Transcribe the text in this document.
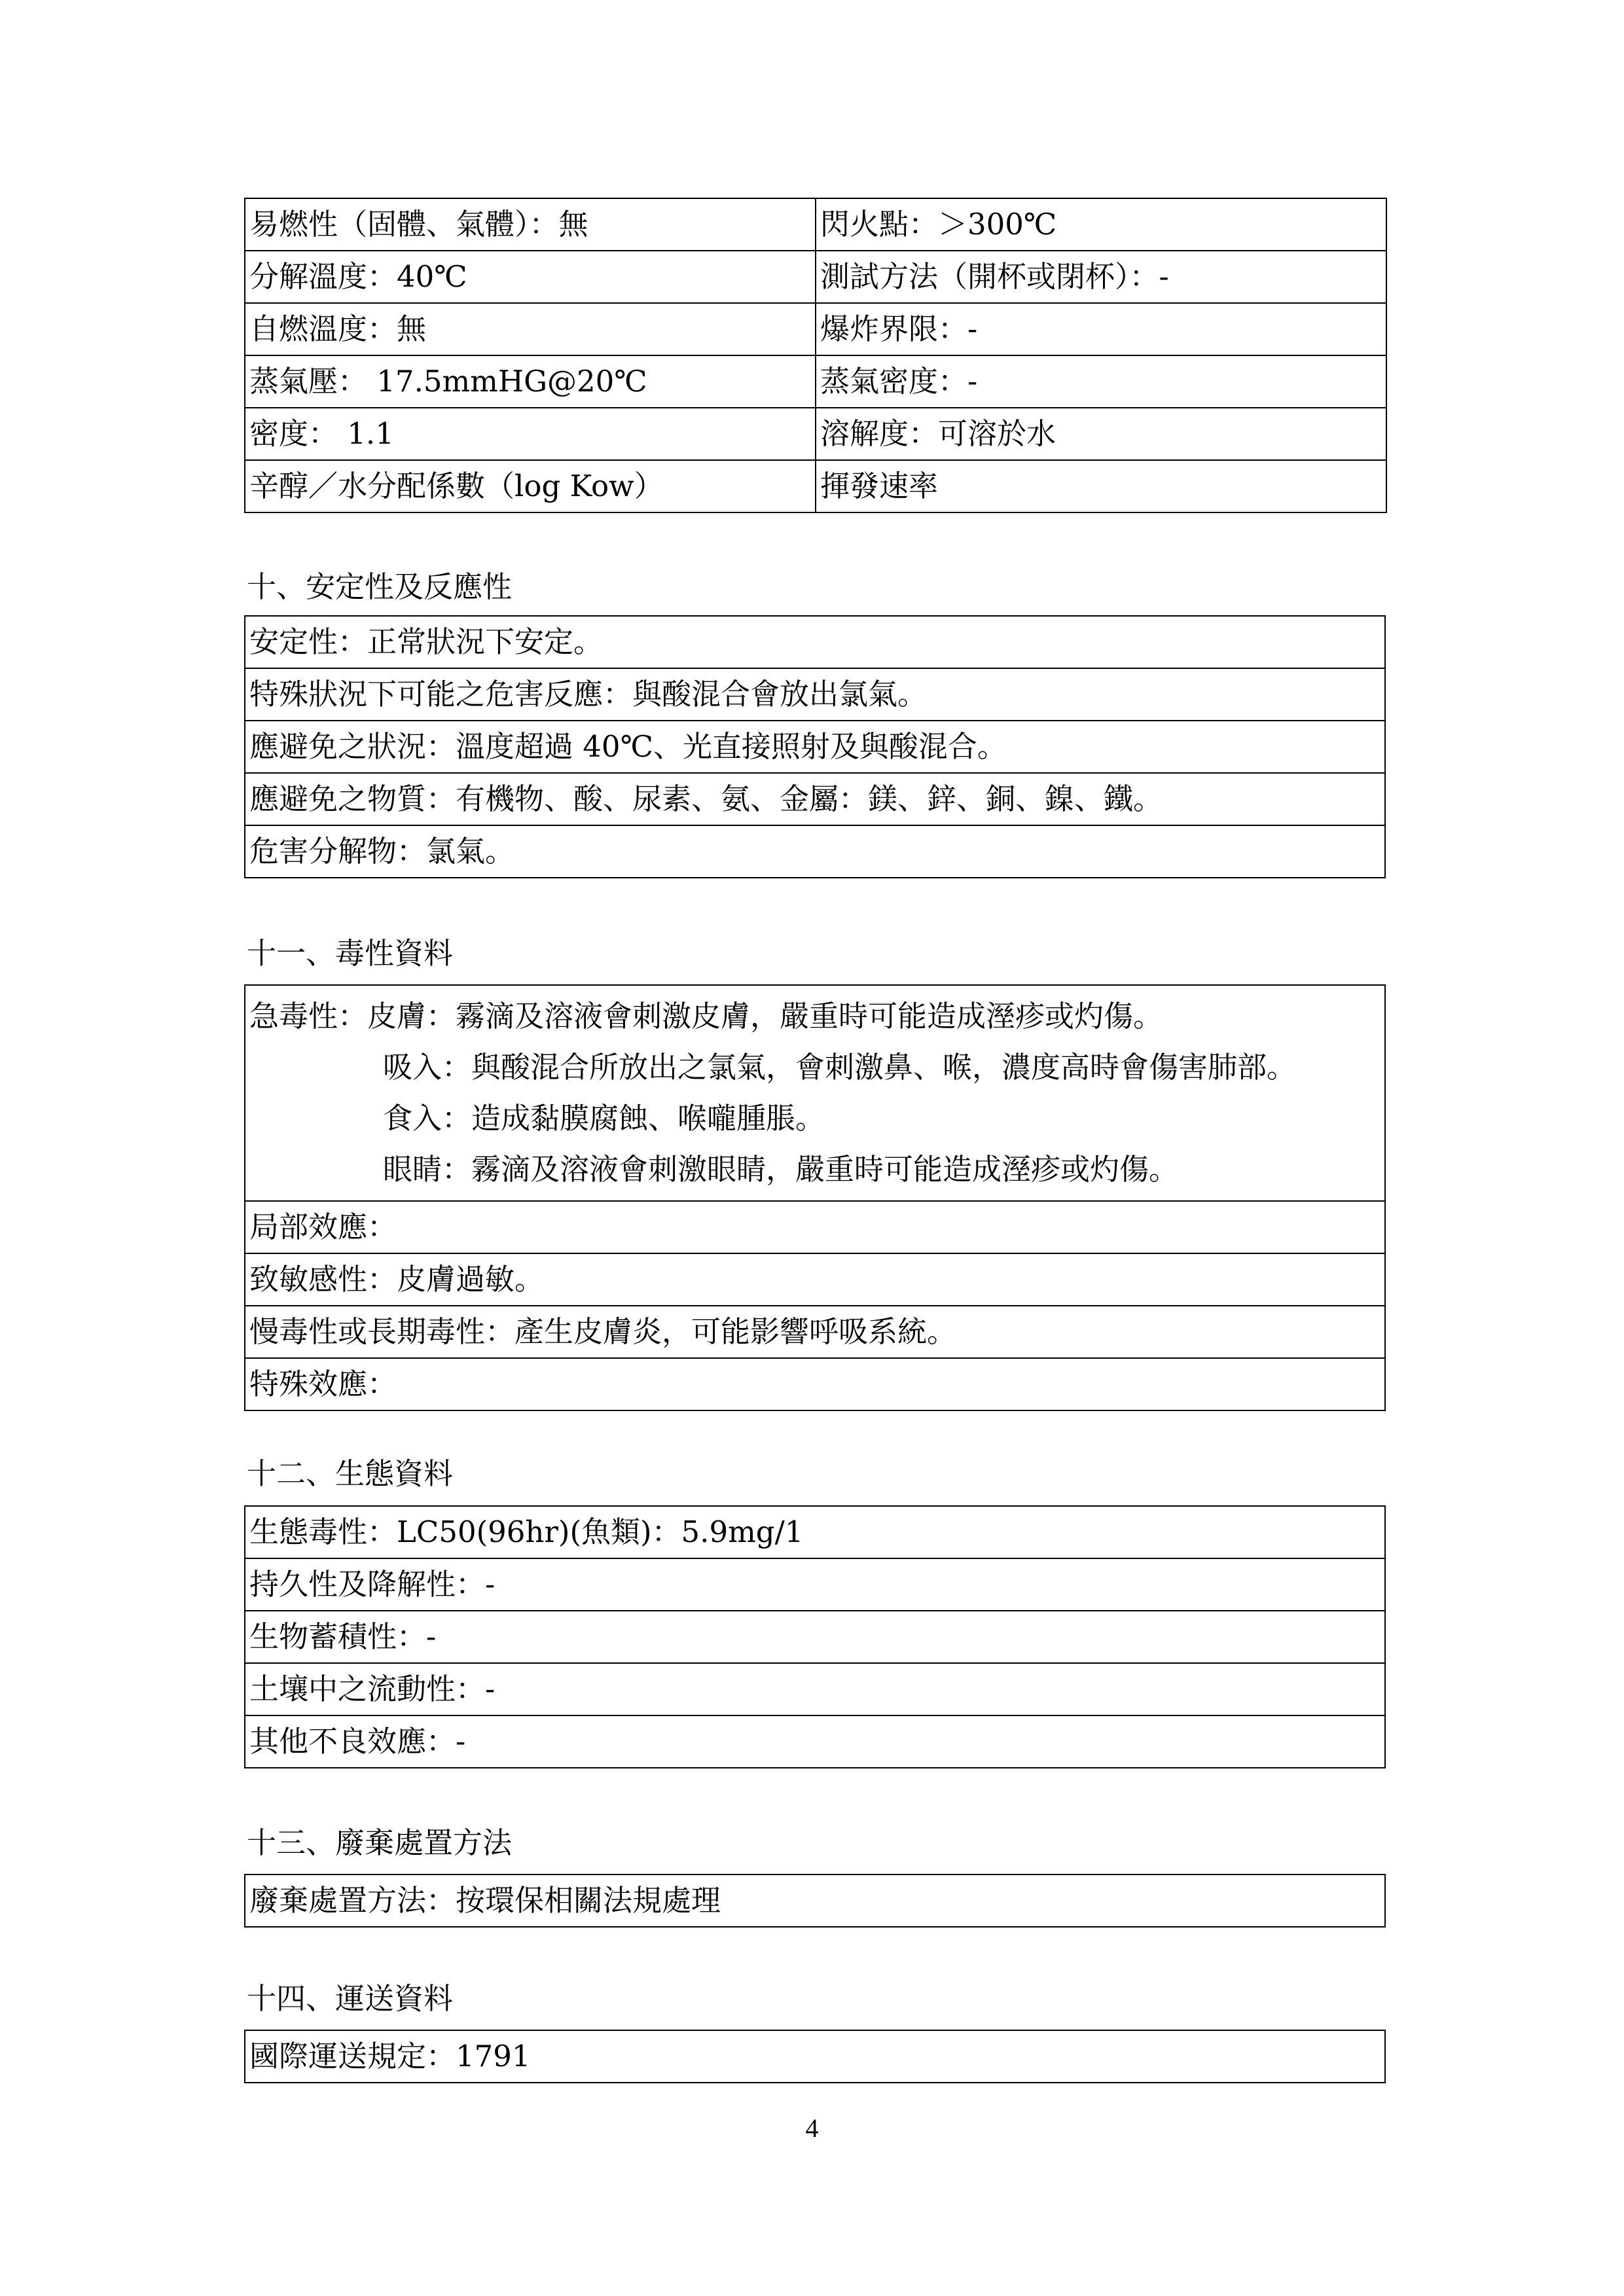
易燃性（固體、氣體）：無	閃火點：＞300℃
分解溫度：40℃	測試方法（開杯或閉杯）：-
自燃溫度：無	爆炸界限：-
蒸氣壓： 17.5mmHG@20℃	蒸氣密度：-
密度： 1.1	溶解度：可溶於水
辛醇／水分配係數（log Kow）	揮發速率
十、安定性及反應性
安定性：正常狀況下安定。
特殊狀況下可能之危害反應：與酸混合會放出氯氣。
應避免之狀況：溫度超過 40℃、光直接照射及與酸混合。
應避免之物質：有機物、酸、尿素、氨、金屬：鎂、鋅、銅、鎳、鐵。
危害分解物：氯氣。
十一、毒性資料
急毒性：皮膚：霧滴及溶液會刺激皮膚，嚴重時可能造成溼疹或灼傷。
吸入：與酸混合所放出之氯氣，會刺激鼻、喉，濃度高時會傷害肺部。
食入：造成黏膜腐蝕、喉嚨腫脹。
眼睛：霧滴及溶液會刺激眼睛，嚴重時可能造成溼疹或灼傷。

局部效應：
致敏感性：皮膚過敏。
慢毒性或長期毒性：產生皮膚炎，可能影響呼吸系統。
特殊效應：
十二、生態資料
生態毒性：LC50(96hr)(魚類)：5.9mg/1
持久性及降解性：-
生物蓄積性：-
土壤中之流動性：-
其他不良效應：-
十三、廢棄處置方法
廢棄處置方法：按環保相關法規處理
十四、運送資料
國際運送規定：1791
4
